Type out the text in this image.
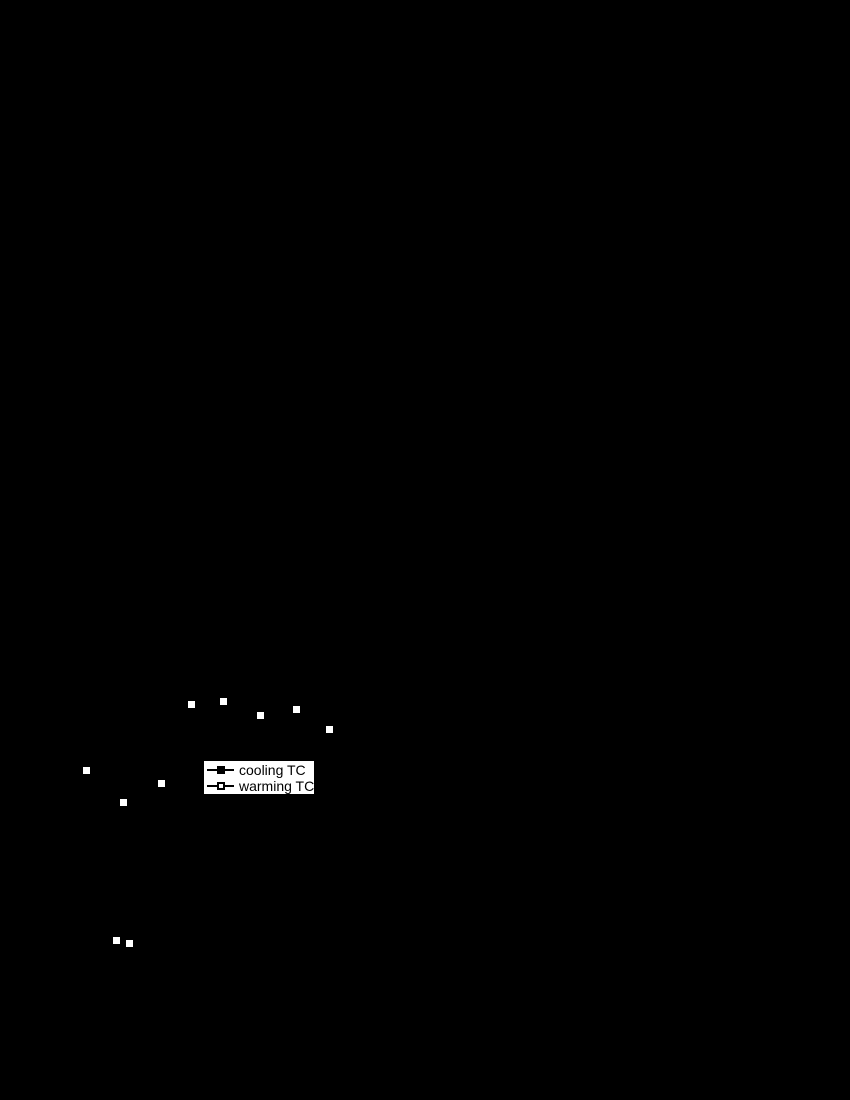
cooling TC
warming TC
